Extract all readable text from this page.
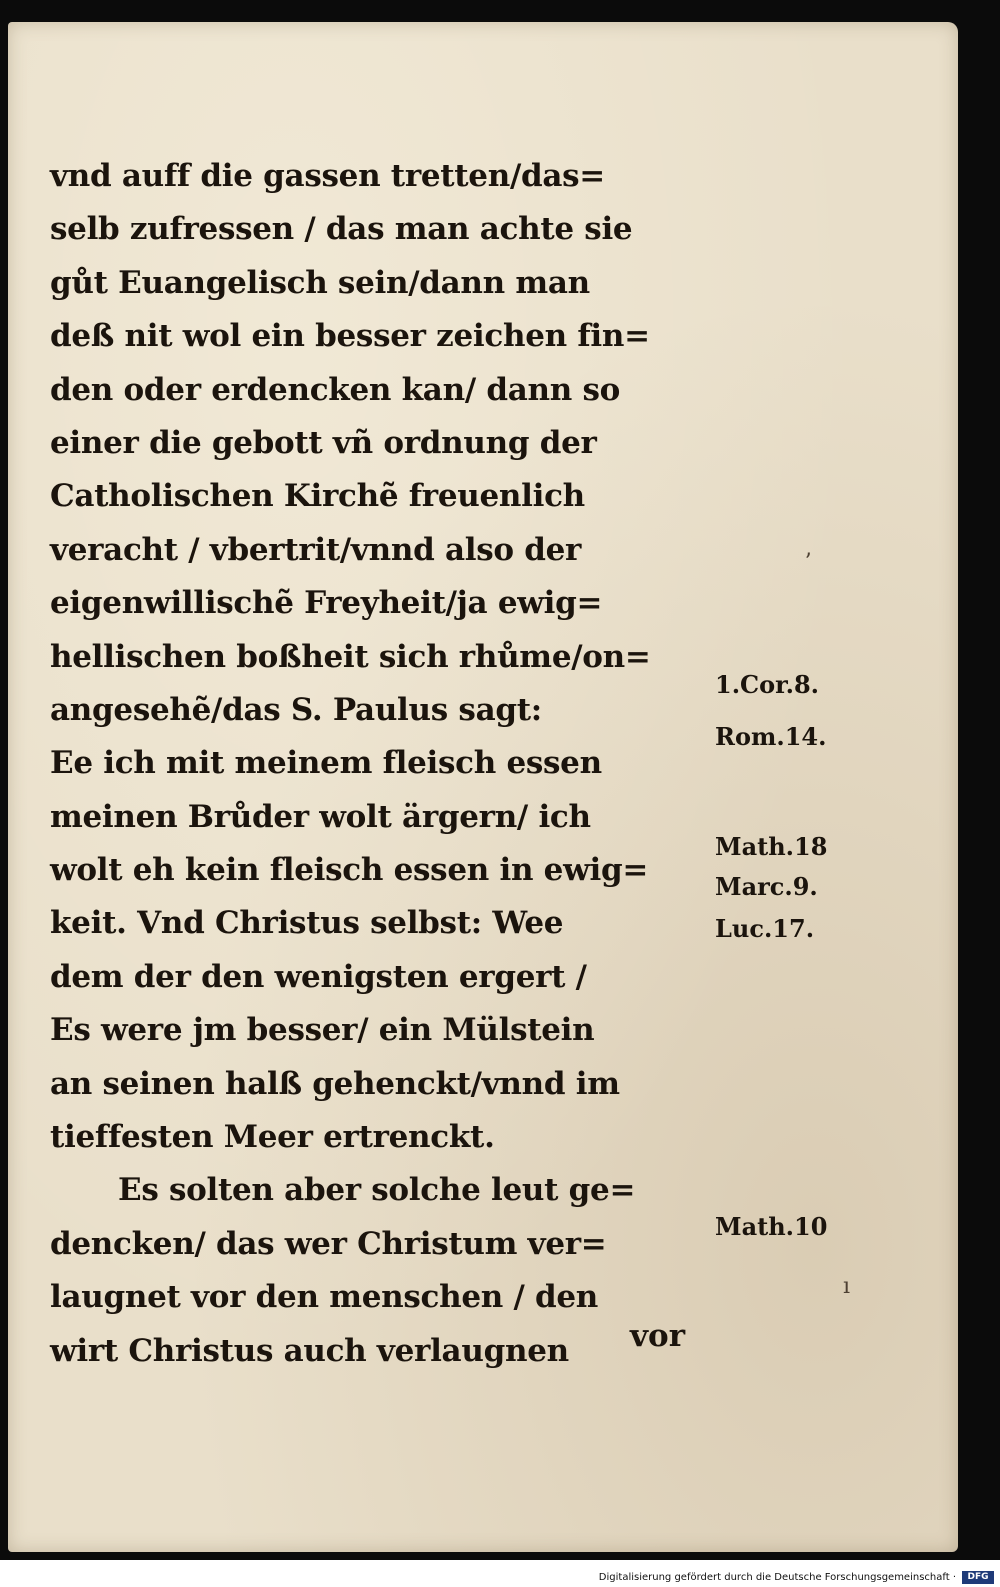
vnd auff die gassen tretten/das=
selb zufressen / das man achte sie
gůt Euangelisch sein/dann man
deß nit wol ein besser zeichen fin=
den oder erdencken kan/ dann so
einer die gebott vñ ordnung der
Catholischen Kirchẽ freuenlich
veracht / vbertrit/vnnd also der
eigenwillischẽ Freyheit/ja ewig=
hellischen boßheit sich rhůme/on=
angesehẽ/das S. Paulus sagt:
Ee ich mit meinem fleisch essen
meinen Brůder wolt ärgern/ ich
wolt eh kein fleisch essen in ewig=
keit. Vnd Christus selbst: Wee
dem der den wenigsten ergert /
Es were jm besser/ ein Mülstein
an seinen halß gehenckt/vnnd im
tieffesten Meer ertrenckt.
Es solten aber solche leut ge=
dencken/ das wer Christum ver=
laugnet vor den menschen / den
wirt Christus auch verlaugnen	vor
1.Cor.8.
Rom.14.
Math.18
Marc.9.
Luc.17.
Math.10
ʼ
ı
Digitalisierung gefördert durch die Deutsche Forschungsgemeinschaft ·	DFG
